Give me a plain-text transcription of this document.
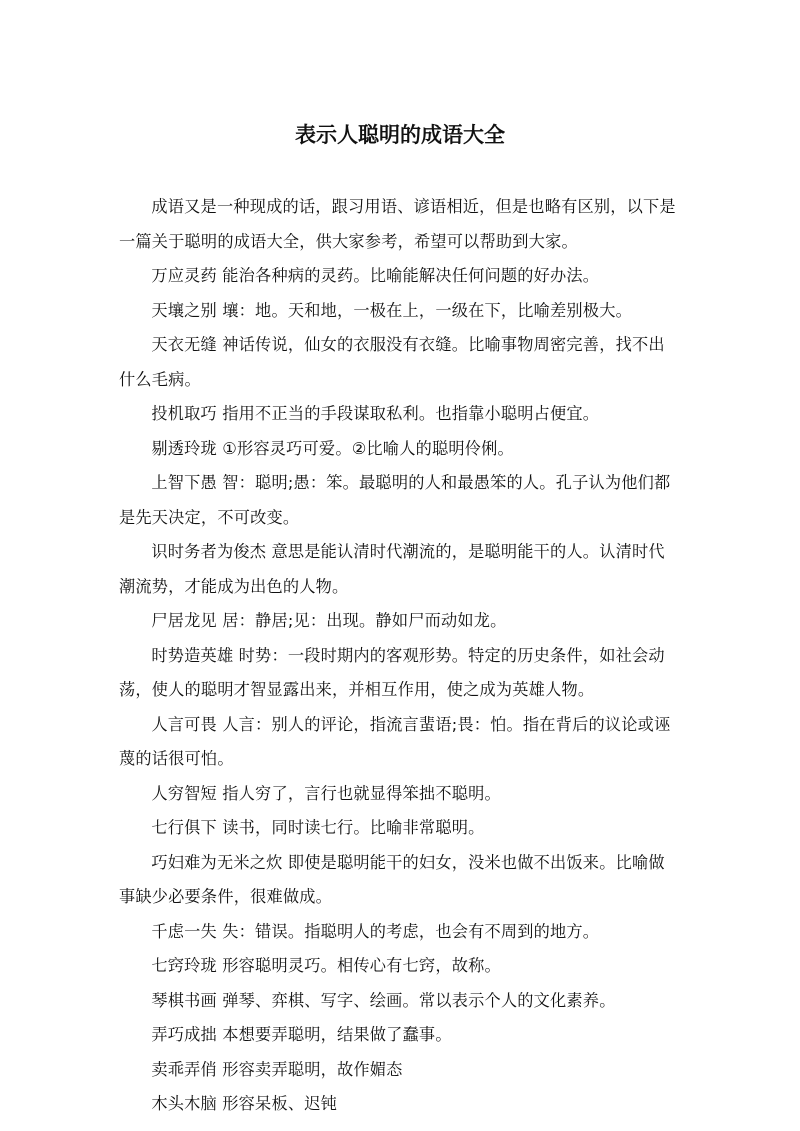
表示人聪明的成语大全

成语又是一种现成的话，跟习用语、谚语相近，但是也略有区别，以下是一篇关于聪明的成语大全，供大家参考，希望可以帮助到大家。

万应灵药 能治各种病的灵药。比喻能解决任何问题的好办法。

天壤之别 壤：地。天和地，一极在上，一级在下，比喻差别极大。

天衣无缝 神话传说，仙女的衣服没有衣缝。比喻事物周密完善，找不出什么毛病。

投机取巧 指用不正当的手段谋取私利。也指靠小聪明占便宜。

剔透玲珑 ①形容灵巧可爱。②比喻人的聪明伶俐。

上智下愚 智：聪明;愚：笨。最聪明的人和最愚笨的人。孔子认为他们都是先天决定，不可改变。

识时务者为俊杰 意思是能认清时代潮流的，是聪明能干的人。认清时代潮流势，才能成为出色的人物。

尸居龙见 居：静居;见：出现。静如尸而动如龙。

时势造英雄 时势：一段时期内的客观形势。特定的历史条件，如社会动荡，使人的聪明才智显露出来，并相互作用，使之成为英雄人物。

人言可畏 人言：别人的评论，指流言蜚语;畏：怕。指在背后的议论或诬蔑的话很可怕。

人穷智短 指人穷了，言行也就显得笨拙不聪明。

七行俱下 读书，同时读七行。比喻非常聪明。

巧妇难为无米之炊 即使是聪明能干的妇女，没米也做不出饭来。比喻做事缺少必要条件，很难做成。

千虑一失 失：错误。指聪明人的考虑，也会有不周到的地方。

七窍玲珑 形容聪明灵巧。相传心有七窍，故称。

琴棋书画 弹琴、弈棋、写字、绘画。常以表示个人的文化素养。

弄巧成拙 本想要弄聪明，结果做了蠢事。

卖乖弄俏 形容卖弄聪明，故作媚态

木头木脑 形容呆板、迟钝
